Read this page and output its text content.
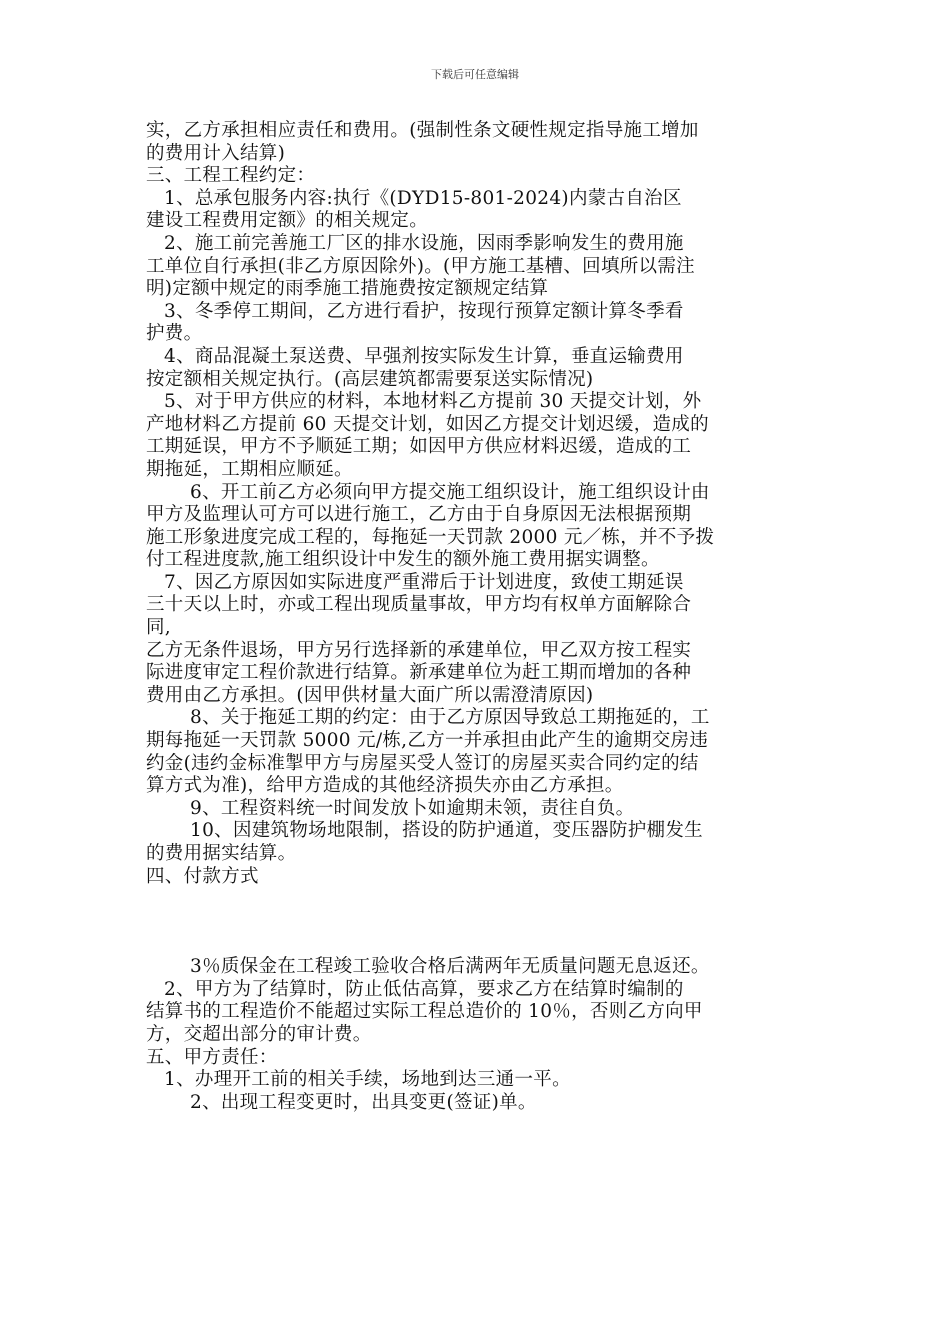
下载后可任意编辑
实，乙方承担相应责任和费用。(强制性条文硬性规定指导施工增加
的费用计入结算)
三、工程工程约定：
1、总承包服务内容:执行《(DYD15-801-2024)内蒙古自治区
建设工程费用定额》的相关规定。
2、施工前完善施工厂区的排水设施，因雨季影响发生的费用施
工单位自行承担(非乙方原因除外)。(甲方施工基槽、回填所以需注
明)定额中规定的雨季施工措施费按定额规定结算
3、冬季停工期间，乙方进行看护，按现行预算定额计算冬季看
护费。
4、商品混凝土泵送费、早强剂按实际发生计算，垂直运输费用
按定额相关规定执行。(高层建筑都需要泵送实际情况)
5、对于甲方供应的材料，本地材料乙方提前 30 天提交计划，外
产地材料乙方提前 60 天提交计划，如因乙方提交计划迟缓，造成的
工期延误，甲方不予顺延工期；如因甲方供应材料迟缓，造成的工
期拖延，工期相应顺延。
6、开工前乙方必须向甲方提交施工组织设计，施工组织设计由
甲方及监理认可方可以进行施工，乙方由于自身原因无法根据预期
施工形象进度完成工程的，每拖延一天罚款 2000 元／栋，并不予拨
付工程进度款,施工组织设计中发生的额外施工费用据实调整。
7、因乙方原因如实际进度严重滞后于计划进度，致使工期延误
三十天以上时，亦或工程出现质量事故，甲方均有权单方面解除合
同,
乙方无条件退场，甲方另行选择新的承建单位，甲乙双方按工程实
际进度审定工程价款进行结算。新承建单位为赶工期而增加的各种
费用由乙方承担。(因甲供材量大面广所以需澄清原因)
8、关于拖延工期的约定：由于乙方原因导致总工期拖延的，工
期每拖延一天罚款 5000 元/栋,乙方一并承担由此产生的逾期交房违
约金(违约金标准掣甲方与房屋买受人签订的房屋买卖合同约定的结
算方式为准)，给甲方造成的其他经济损失亦由乙方承担。
9、工程资料统一时间发放卜如逾期未领，责往自负。
10、因建筑物场地限制，搭设的防护通道，变压器防护棚发生
的费用据实结算。
四、付款方式
3％质保金在工程竣工验收合格后满两年无质量问题无息返还。
2、甲方为了结算时，防止低估高算，要求乙方在结算时编制的
结算书的工程造价不能超过实际工程总造价的 10％，否则乙方向甲
方，交超出部分的审计费。
五、甲方责任：
1、办理开工前的相关手续，场地到达三通一平。
2、出现工程变更时，出具变更(签证)单。
